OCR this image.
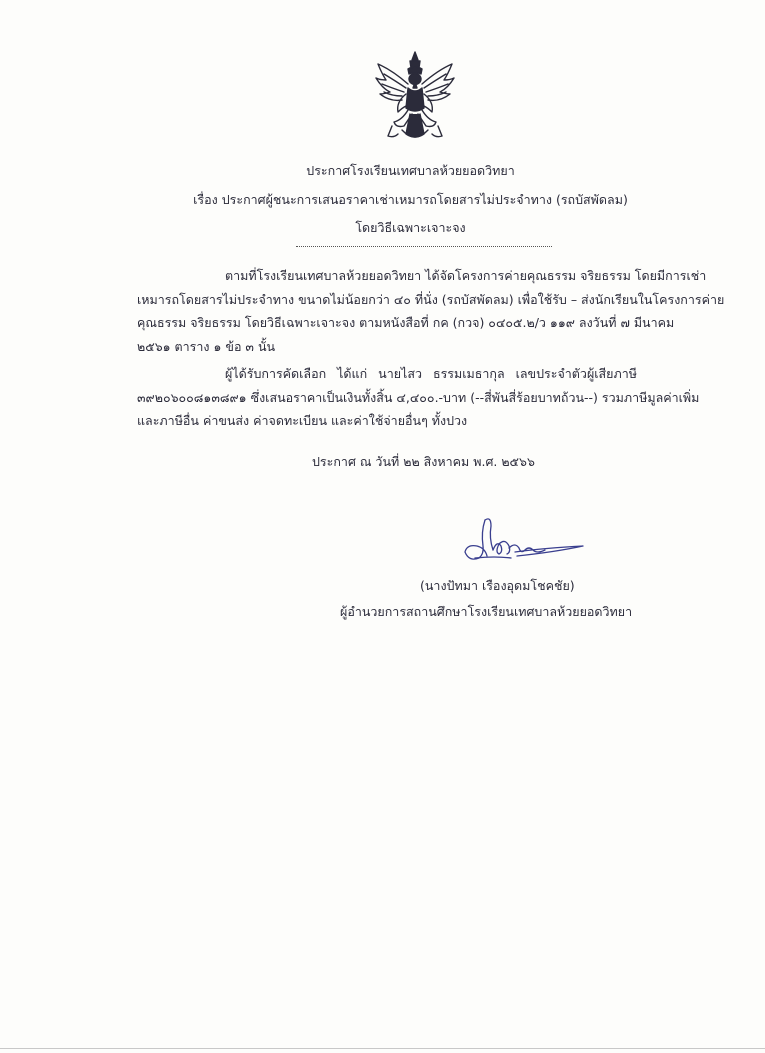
ประกาศโรงเรียนเทศบาลห้วยยอดวิทยา
เรื่อง ประกาศผู้ชนะการเสนอราคาเช่าเหมารถโดยสารไม่ประจำทาง (รถบัสพัดลม)
โดยวิธีเฉพาะเจาะจง
ตามที่โรงเรียนเทศบาลห้วยยอดวิทยา ได้จัดโครงการค่ายคุณธรรม จริยธรรม โดยมีการเช่า
เหมารถโดยสารไม่ประจำทาง ขนาดไม่น้อยกว่า ๔๐ ที่นั่ง (รถบัสพัดลม) เพื่อใช้รับ – ส่งนักเรียนในโครงการค่าย
คุณธรรม จริยธรรม โดยวิธีเฉพาะเจาะจง ตามหนังสือที่ กค (กวจ) ๐๔๐๕.๒/ว ๑๑๙ ลงวันที่ ๗ มีนาคม
๒๕๖๑ ตาราง ๑ ข้อ ๓ นั้น
ผู้ได้รับการคัดเลือก ได้แก่ นายไสว ธรรมเมธากุล เลขประจำตัวผู้เสียภาษี
๓๙๒๐๖๐๐๘๑๓๘๙๑ ซึ่งเสนอราคาเป็นเงินทั้งสิ้น ๔,๔๐๐.-บาท (--สี่พันสี่ร้อยบาทถ้วน--) รวมภาษีมูลค่าเพิ่ม
และภาษีอื่น ค่าขนส่ง ค่าจดทะเบียน และค่าใช้จ่ายอื่นๆ ทั้งปวง
ประกาศ ณ วันที่ ๒๒ สิงหาคม พ.ศ. ๒๕๖๖
(นางปัทมา เรืองอุดมโชคชัย)
ผู้อำนวยการสถานศึกษาโรงเรียนเทศบาลห้วยยอดวิทยา
